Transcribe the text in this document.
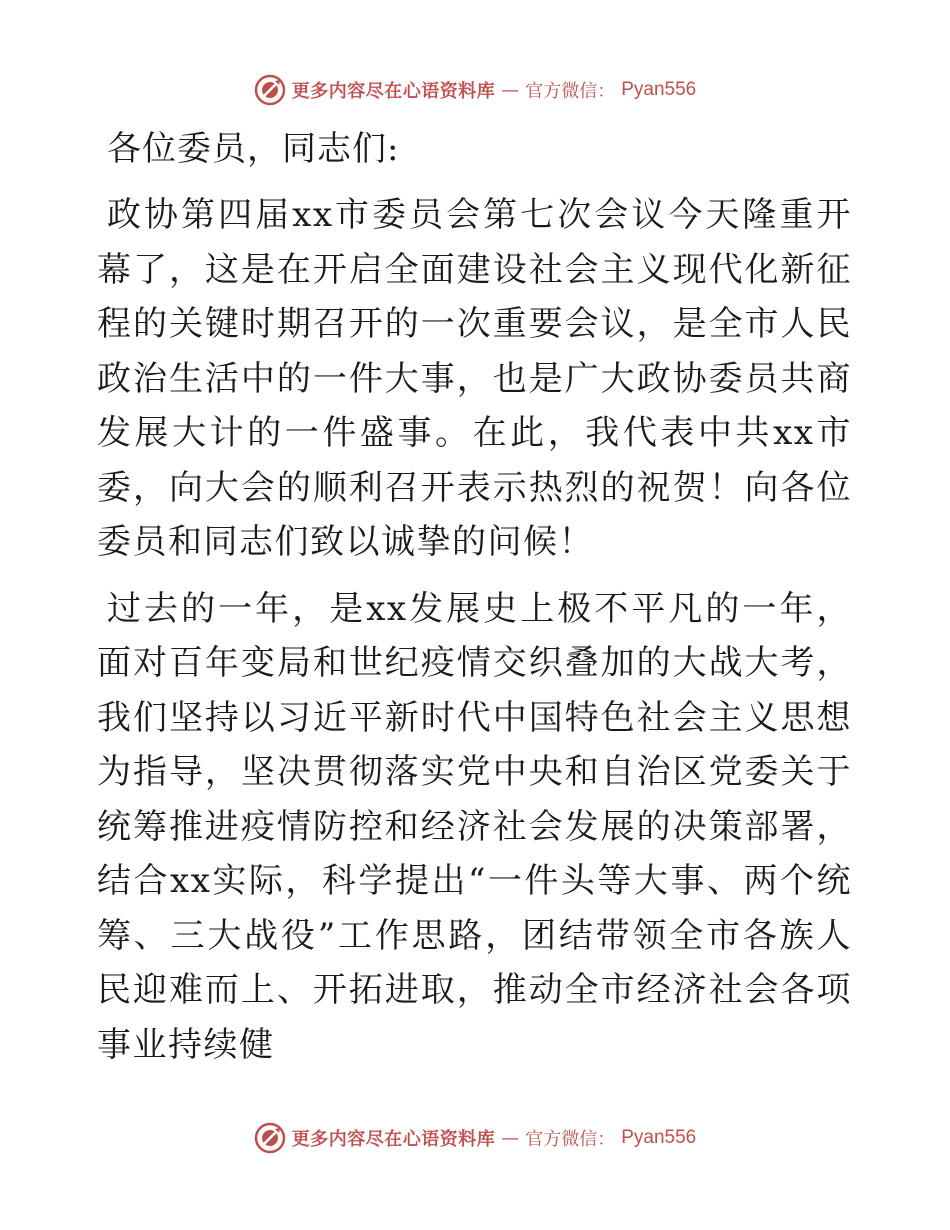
更多内容尽在心语资料库 — 官方微信： Pyan556
各位委员，同志们:

政协第四届xx市委员会第七次会议今天隆重开幕了，这是在开启全面建设社会主义现代化新征程的关键时期召开的一次重要会议，是全市人民政治生活中的一件大事，也是广大政协委员共商发展大计的一件盛事。在此，我代表中共xx市委，向大会的顺利召开表示热烈的祝贺！向各位委员和同志们致以诚挚的问候！

过去的一年，是xx发展史上极不平凡的一年，面对百年变局和世纪疫情交织叠加的大战大考，我们坚持以习近平新时代中国特色社会主义思想为指导，坚决贯彻落实党中央和自治区党委关于统筹推进疫情防控和经济社会发展的决策部署，结合xx实际，科学提出“一件头等大事、两个统筹、三大战役”工作思路，团结带领全市各族人民迎难而上、开拓进取，推动全市经济社会各项事业持续健

更多内容尽在心语资料库 — 官方微信： Pyan556
